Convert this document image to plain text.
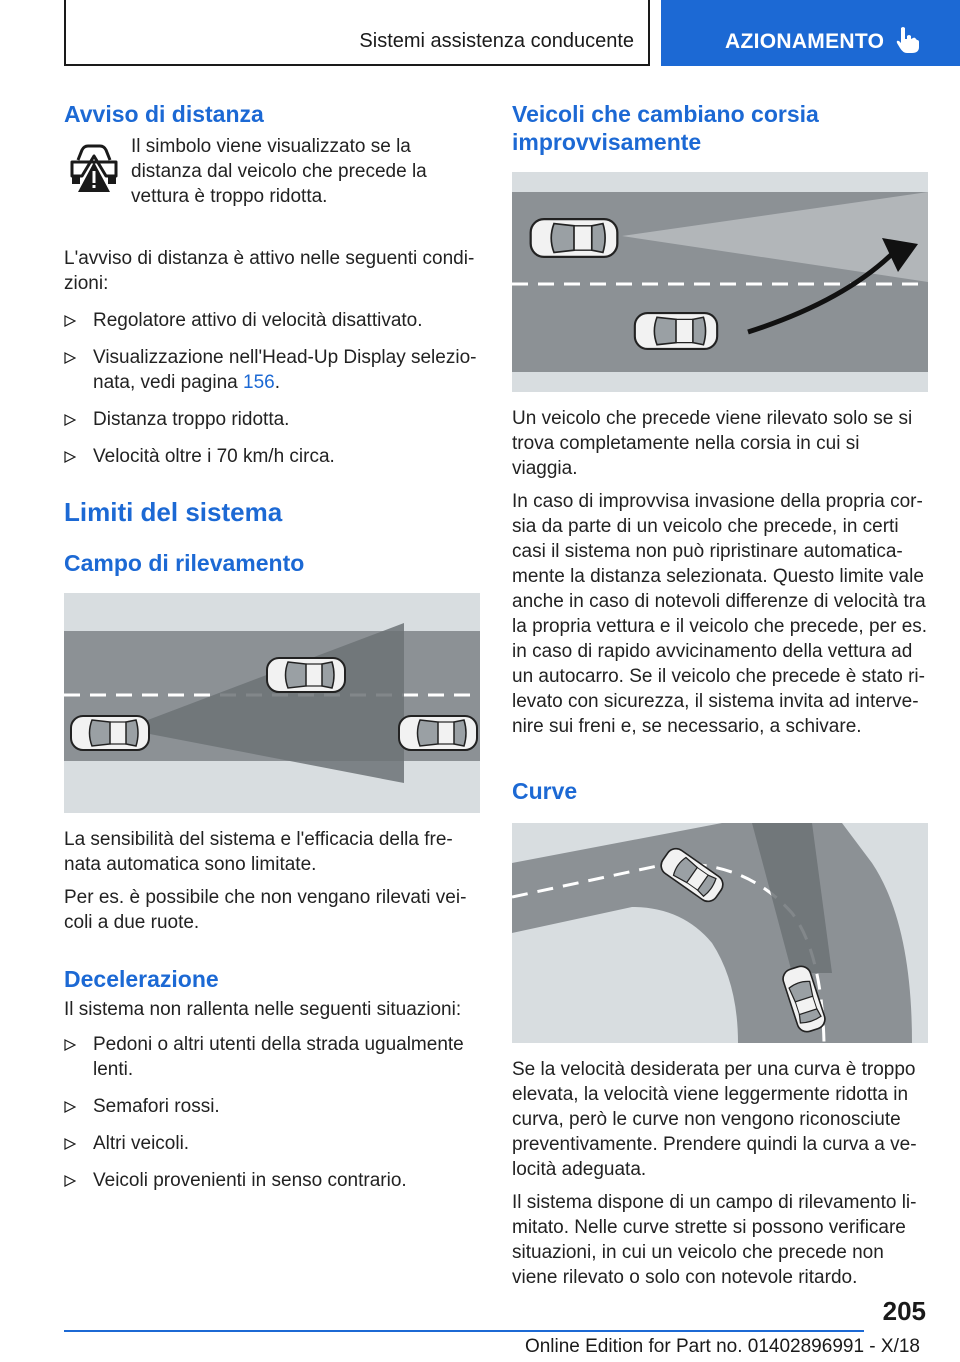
Sistemi assistenza conducente	AZIONAMENTO
Avviso di distanza

Il simbolo viene visualizzato se la distanza dal veicolo che precede la vettura è troppo ridotta.

L'avviso di distanza è attivo nelle seguenti condizioni:

Regolatore attivo di velocità disattivato.
Visualizzazione nell'Head-Up Display selezionata, vedi pagina 156.
Distanza troppo ridotta.
Velocità oltre i 70 km/h circa.
Limiti del sistema
Campo di rilevamento

La sensibilità del sistema e l'efficacia della frenata automatica sono limitate.

Per es. è possibile che non vengano rilevati veicoli a due ruote.

Decelerazione

Il sistema non rallenta nelle seguenti situazioni:

Pedoni o altri utenti della strada ugualmente lenti.
Semafori rossi.
Altri veicoli.
Veicoli provenienti in senso contrario.
Veicoli che cambiano corsia improvvisamente

Un veicolo che precede viene rilevato solo se si trova completamente nella corsia in cui si viaggia.

In caso di improvvisa invasione della propria corsia da parte di un veicolo che precede, in certi casi il sistema non può ripristinare automaticamente la distanza selezionata. Questo limite vale anche in caso di notevoli differenze di velocità tra la propria vettura e il veicolo che precede, per es. in caso di rapido avvicinamento della vettura ad un autocarro. Se il veicolo che precede è stato rilevato con sicurezza, il sistema invita ad intervenire sui freni e, se necessario, a schivare.

Curve

Se la velocità desiderata per una curva è troppo elevata, la velocità viene leggermente ridotta in curva, però le curve non vengono riconosciute preventivamente. Prendere quindi la curva a velocità adeguata.

Il sistema dispone di un campo di rilevamento limitato. Nelle curve strette si possono verificare situazioni, in cui un veicolo che precede non viene rilevato o solo con notevole ritardo.

205
Online Edition for Part no. 01402896991 - X/18
